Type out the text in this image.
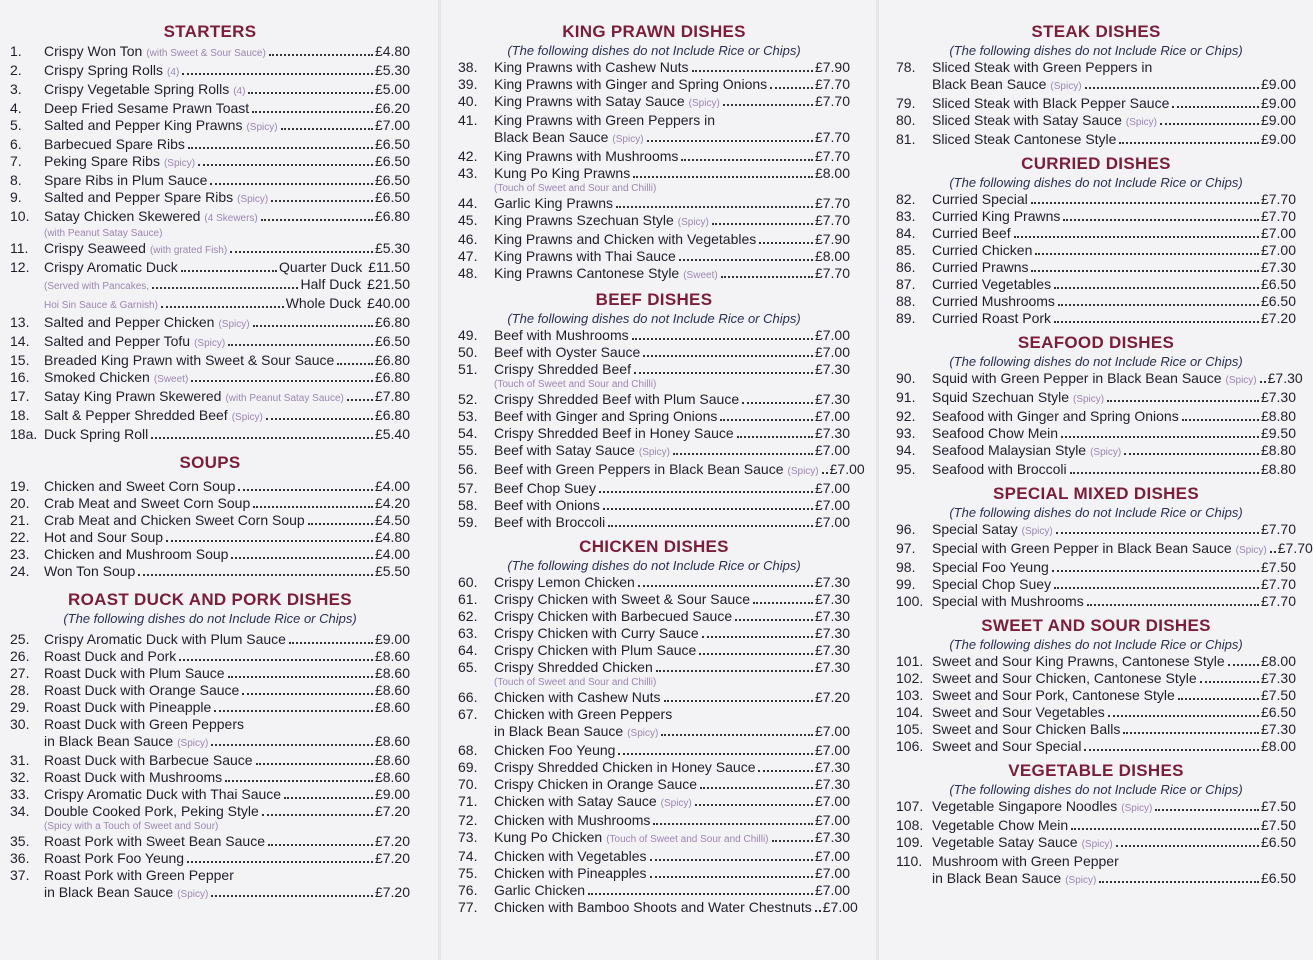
STARTERS
1.	Crispy Won Ton (with Sweet & Sour Sauce)	£4.80
2.	Crispy Spring Rolls (4)	£5.30
3.	Crispy Vegetable Spring Rolls (4)	£5.00
4.	Deep Fried Sesame Prawn Toast	£6.20
5.	Salted and Pepper King Prawns (Spicy)	£7.00
6.	Barbecued Spare Ribs	£6.50
7.	Peking Spare Ribs (Spicy)	£6.50
8.	Spare Ribs in Plum Sauce	£6.50
9.	Salted and Pepper Spare Ribs (Spicy)	£6.50
10.	Satay Chicken Skewered (4 Skewers)	£6.80
(with Peanut Satay Sauce)
11.	Crispy Seaweed (with grated Fish)	£5.30
12.	Crispy Aromatic Duck	Quarter Duck £11.50
(Served with Pancakes,	Half Duck £21.50
Hoi Sin Sauce & Garnish)	Whole Duck £40.00
13.	Salted and Pepper Chicken (Spicy)	£6.80
14.	Salted and Pepper Tofu (Spicy)	£6.50
15.	Breaded King Prawn with Sweet & Sour Sauce	£6.80
16.	Smoked Chicken (Sweet)	£6.80
17.	Satay King Prawn Skewered (with Peanut Satay Sauce) £7.80
18.	Salt & Pepper Shredded Beef (Spicy)	£6.80
18a. Duck Spring Roll	£5.40
SOUPS
19.	Chicken and Sweet Corn Soup	£4.00
20.	Crab Meat and Sweet Corn Soup	£4.20
21.	Crab Meat and Chicken Sweet Corn Soup	£4.50
22.	Hot and Sour Soup	£4.80
23.	Chicken and Mushroom Soup	£4.00
24.	Won Ton Soup	£5.50
ROAST DUCK AND PORK DISHES
(The following dishes do not Include Rice or Chips)
25.	Crispy Aromatic Duck with Plum Sauce	£9.00
26.	Roast Duck and Pork	£8.60
27.	Roast Duck with Plum Sauce	£8.60
28.	Roast Duck with Orange Sauce	£8.60
29.	Roast Duck with Pineapple	£8.60
30.	Roast Duck with Green Peppers
in Black Bean Sauce (Spicy)	£8.60
31.	Roast Duck with Barbecue Sauce	£8.60
32.	Roast Duck with Mushrooms	£8.60
33.	Crispy Aromatic Duck with Thai Sauce	£9.00
34.	Double Cooked Pork, Peking Style	£7.20
(Spicy with a Touch of Sweet and Sour)
35.	Roast Pork with Sweet Bean Sauce	£7.20
36.	Roast Pork Foo Yeung	£7.20
37.	Roast Pork with Green Pepper
in Black Bean Sauce (Spicy)	£7.20
KING PRAWN DISHES
(The following dishes do not Include Rice or Chips)
38.	King Prawns with Cashew Nuts	£7.90
39.	King Prawns with Ginger and Spring Onions	£7.70
40.	King Prawns with Satay Sauce (Spicy)	£7.70
41.	King Prawns with Green Peppers in
Black Bean Sauce (Spicy)	£7.70
42.	King Prawns with Mushrooms	£7.70
43.	Kung Po King Prawns	£8.00
(Touch of Sweet and Sour and Chilli)
44.	Garlic King Prawns	£7.70
45.	King Prawns Szechuan Style (Spicy)	£7.70
46.	King Prawns and Chicken with Vegetables	£7.90
47.	King Prawns with Thai Sauce	£8.00
48.	King Prawns Cantonese Style (Sweet)	£7.70
BEEF DISHES
(The following dishes do not Include Rice or Chips)
49.	Beef with Mushrooms	£7.00
50.	Beef with Oyster Sauce	£7.00
51.	Crispy Shredded Beef	£7.30
(Touch of Sweet and Sour and Chilli)
52.	Crispy Shredded Beef with Plum Sauce	£7.30
53.	Beef with Ginger and Spring Onions	£7.00
54.	Crispy Shredded Beef in Honey Sauce	£7.30
55.	Beef with Satay Sauce (Spicy)	£7.00
56.	Beef with Green Peppers in Black Bean Sauce (Spicy) £7.00
57.	Beef Chop Suey	£7.00
58.	Beef with Onions	£7.00
59.	Beef with Broccoli	£7.00
CHICKEN DISHES
(The following dishes do not Include Rice or Chips)
60.	Crispy Lemon Chicken	£7.30
61.	Crispy Chicken with Sweet & Sour Sauce	£7.30
62.	Crispy Chicken with Barbecued Sauce	£7.30
63.	Crispy Chicken with Curry Sauce	£7.30
64.	Crispy Chicken with Plum Sauce	£7.30
65.	Crispy Shredded Chicken	£7.30
(Touch of Sweet and Sour and Chilli)
66.	Chicken with Cashew Nuts	£7.20
67.	Chicken with Green Peppers
in Black Bean Sauce (Spicy)	£7.00
68.	Chicken Foo Yeung	£7.00
69.	Crispy Shredded Chicken in Honey Sauce	£7.30
70.	Crispy Chicken in Orange Sauce	£7.30
71.	Chicken with Satay Sauce (Spicy)	£7.00
72.	Chicken with Mushrooms	£7.00
73.	Kung Po Chicken (Touch of Sweet and Sour and Chilli)	£7.30
74.	Chicken with Vegetables	£7.00
75.	Chicken with Pineapples	£7.00
76.	Garlic Chicken	£7.00
77.	Chicken with Bamboo Shoots and Water Chestnuts £7.00
STEAK DISHES
(The following dishes do not Include Rice or Chips)
78.	Sliced Steak with Green Peppers in
Black Bean Sauce (Spicy)	£9.00
79.	Sliced Steak with Black Pepper Sauce	£9.00
80.	Sliced Steak with Satay Sauce (Spicy)	£9.00
81.	Sliced Steak Cantonese Style	£9.00
CURRIED DISHES
(The following dishes do not Include Rice or Chips)
82.	Curried Special	£7.70
83.	Curried King Prawns	£7.70
84.	Curried Beef	£7.00
85.	Curried Chicken	£7.00
86.	Curried Prawns	£7.30
87.	Curried Vegetables	£6.50
88.	Curried Mushrooms	£6.50
89.	Curried Roast Pork	£7.20
SEAFOOD DISHES
(The following dishes do not Include Rice or Chips)
90.	Squid with Green Pepper in Black Bean Sauce (Spicy) £7.30
91.	Squid Szechuan Style (Spicy)	£7.30
92.	Seafood with Ginger and Spring Onions	£8.80
93.	Seafood Chow Mein	£9.50
94.	Seafood Malaysian Style (Spicy)	£8.80
95.	Seafood with Broccoli	£8.80
SPECIAL MIXED DISHES
(The following dishes do not Include Rice or Chips)
96.	Special Satay (Spicy)	£7.70
97.	Special with Green Pepper in Black Bean Sauce (Spicy) £7.70
98.	Special Foo Yeung	£7.50
99.	Special Chop Suey	£7.70
100. Special with Mushrooms	£7.70
SWEET AND SOUR DISHES
(The following dishes do not Include Rice or Chips)
101. Sweet and Sour King Prawns, Cantonese Style	£8.00
102. Sweet and Sour Chicken, Cantonese Style	£7.30
103. Sweet and Sour Pork, Cantonese Style	£7.50
104. Sweet and Sour Vegetables	£6.50
105. Sweet and Sour Chicken Balls	£7.30
106. Sweet and Sour Special	£8.00
VEGETABLE DISHES
(The following dishes do not Include Rice or Chips)
107. Vegetable Singapore Noodles (Spicy)	£7.50
108. Vegetable Chow Mein	£7.50
109. Vegetable Satay Sauce (Spicy)	£6.50
110. Mushroom with Green Pepper
in Black Bean Sauce (Spicy)	£6.50
